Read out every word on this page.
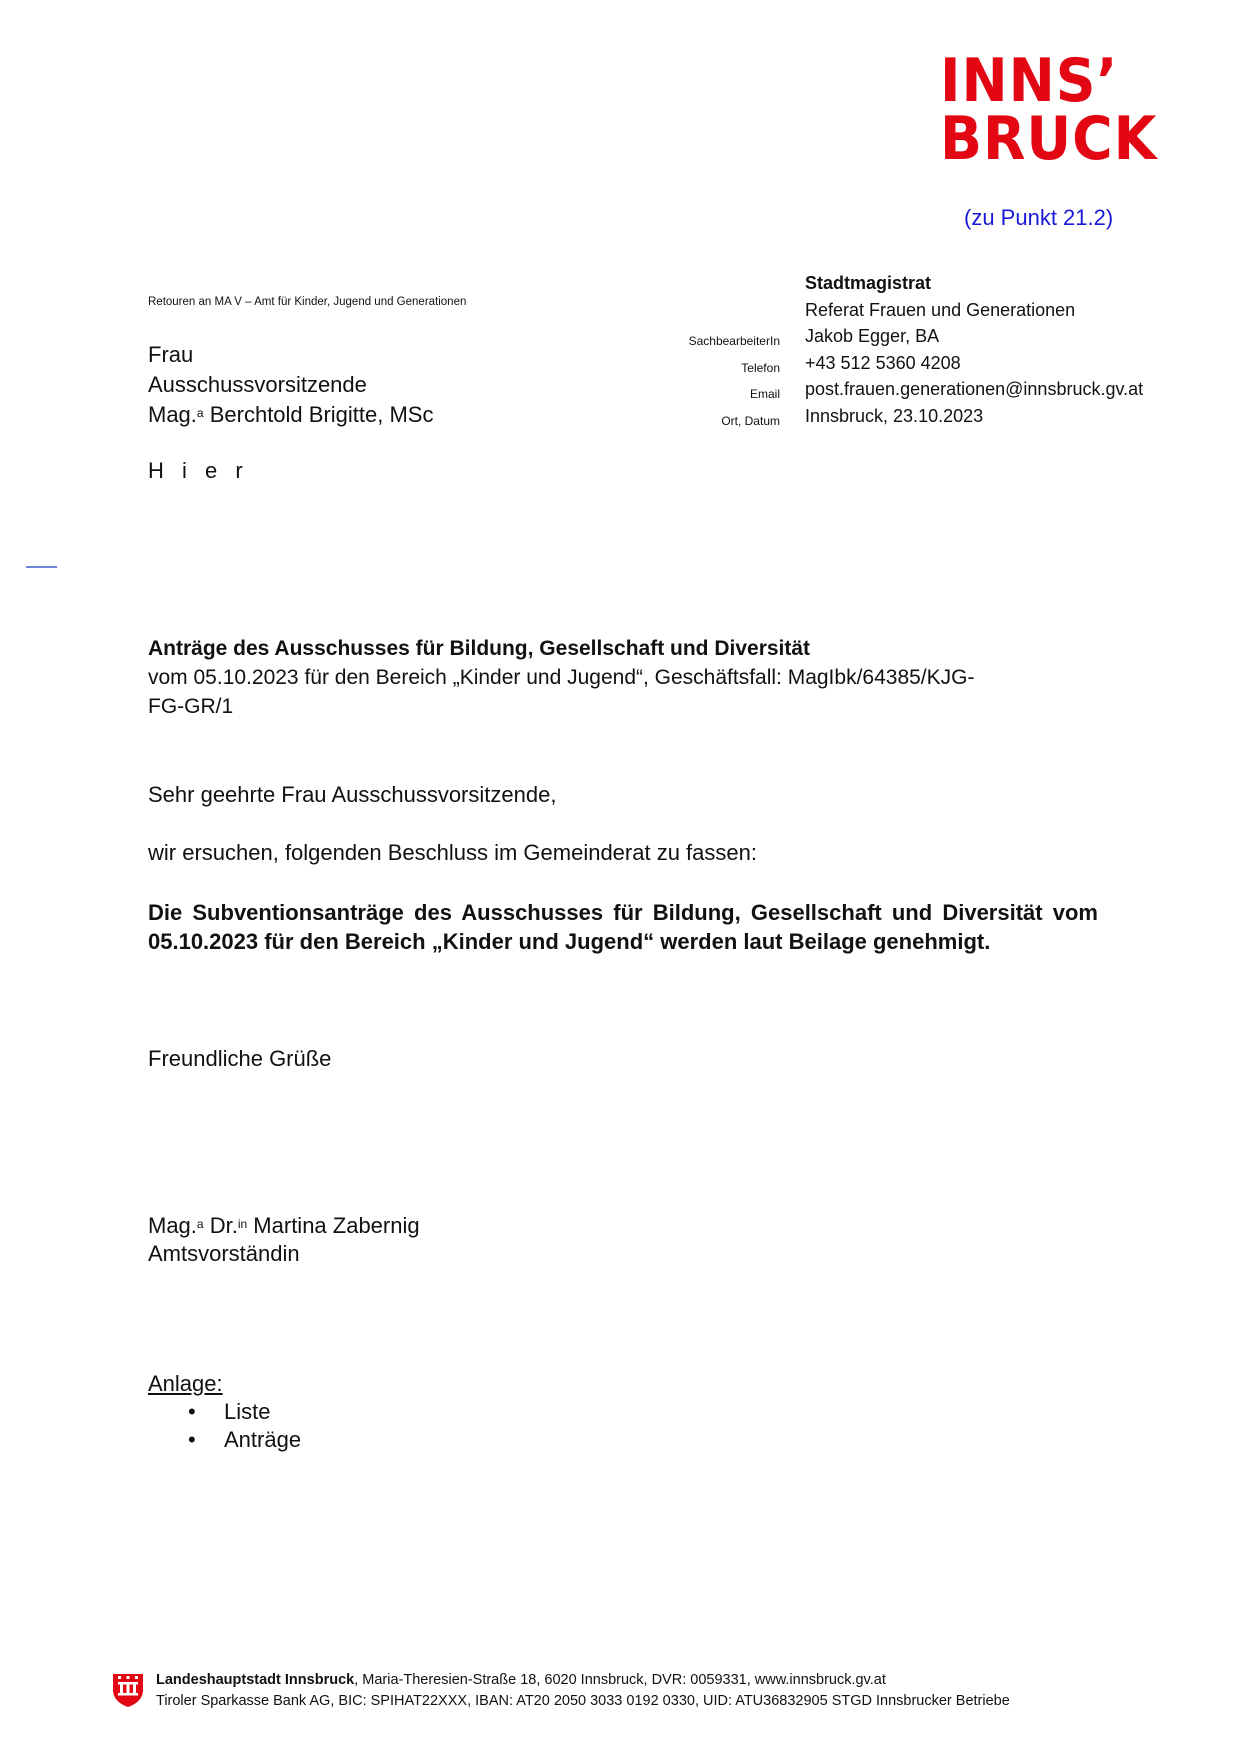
INNS’
BRUCK
(zu Punkt 21.2)
Retouren an MA V – Amt für Kinder, Jugend und Generationen
Frau
Ausschussvorsitzende
Mag.$^a$ Berchtold Brigitte, MSc
H i e r
SachbearbeiterIn
Telefon
Email
Ort, Datum
Stadtmagistrat
Referat Frauen und Generationen
Jakob Egger, BA
+43 512 5360 4208
post.frauen.generationen@innsbruck.gv.at
Innsbruck, 23.10.2023
Anträge des Ausschusses für Bildung, Gesellschaft und Diversität
vom 05.10.2023 für den Bereich „Kinder und Jugend“, Geschäftsfall: MagIbk/64385/KJG-
FG-GR/1
Sehr geehrte Frau Ausschussvorsitzende,
wir ersuchen, folgenden Beschluss im Gemeinderat zu fassen:
Die Subventionsanträge des Ausschusses für Bildung, Gesellschaft und Diversität vom 05.10.2023 für den Bereich „Kinder und Jugend“ werden laut Beilage genehmigt.
Freundliche Grüße
Mag.$^a$ Dr.$^{in}$ Martina Zabernig
Amtsvorständin
Anlage:
• Liste
• Anträge
Landeshauptstadt Innsbruck, Maria-Theresien-Straße 18, 6020 Innsbruck, DVR: 0059331, www.innsbruck.gv.at
Tiroler Sparkasse Bank AG, BIC: SPIHAT22XXX, IBAN: AT20 2050 3033 0192 0330, UID: ATU36832905 STGD Innsbrucker Betriebe
